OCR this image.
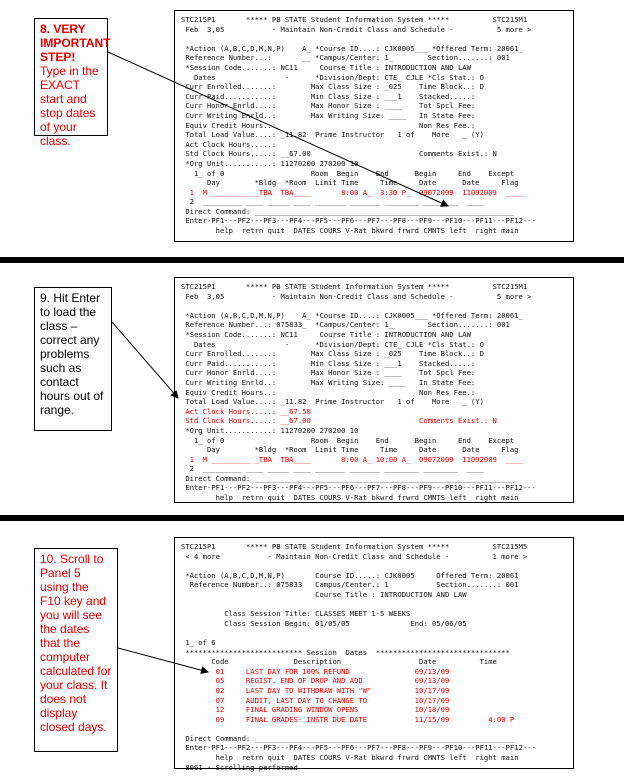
8. VERY IMPORTANT STEP!
Type in the EXACT start and stop dates of your class.
STC215P1       ***** PB STATE Student Information System *****          STC215M1
Feb  3,05           - Maintain Non-Credit Class and Schedule -          5 more >

*Action (A,B,C,D,M,N,P)    A_ *Course ID....: CJK0005___ *Offered Term: 20061_
Reference Number...:       __ *Campus/Center: 1_        Section.......: 001
*Session Code.......: NC11     Course Title : INTRODUCTION AND LAW
Dates                -      *Division/Dept: CTE_ CJLE *Cls Stat.: O
Curr Enrolled.......:        Max Class Size : _025    Time Block..: D
Curr Paid...........:        Min Class Size : ___1    Stacked.....:
Curr Honor Enrld....:        Max Honor Size : ____    Tot Spcl Fee:
Curr Writing Enrld..:        Max Writing Size: ____   In State Fee:
Equiv Credit Hours..:                                 Non Res Fee.:
Total Load Value....: _11.82  Prime Instructor   1 of    More   _ (Y)
Act Clock Hours.....:
Std Clock Hours.....: __67.00                         Comments Exist.: N
*Org Unit...........: 11270200 270200 10
1_ of 0                    Room  Begin    End      Begin     End    Except
Day        *Bldg  *Room  Limit Time     Time     Date      Date     Flag
1  M _________ _TBA  TBA____       8:00 A_  3:30 P_  09072009  11092009  ____
2  _________ ____ _____ ____ _______ _______ ________ ________  ____
Direct Command: ____________________________________________________________
Enter-PF1---PF2---PF3---PF4---PF5---PF6---PF7---PF8---PF9---PF10---PF11---PF12---
help  retrn quit  DATES COURS V-Rat bkwrd frwrd CMNTS left  right main
9. Hit Enter to load the class – correct any problems such as contact hours out of range.
STC215P1       ***** PB STATE Student Information System *****          STC215M1
Feb  3,05           - Maintain Non-Credit Class and Schedule -          5 more >

*Action (A,B,C,D,M,N,P)    A_ *Course ID....: CJK0005___ *Offered Term: 20061_
Reference Number...: 075833_  *Campus/Center: 1_        Section.......: 001
*Session Code.......: NC11     Course Title : INTRODUCTION AND LAW
Dates                -      *Division/Dept: CTE_ CJLE *Cls Stat.: O
Curr Enrolled.......:        Max Class Size : _025    Time Block..: D
Curr Paid...........:        Min Class Size : ___1    Stacked.....:
Curr Honor Enrld....:        Max Honor Size : ____    Tot Spcl Fee:
Curr Writing Enrld..:        Max Writing Size: ____   In State Fee:
Equiv Credit Hours..:                                 Non Res Fee.:
Total Load Value....: _11.82  Prime Instructor   1 of    More   _ (Y)
Act Clock Hours.....: __67.50
Std Clock Hours.....: __67.00                         Comments Exist.: N
*Org Unit...........: 11270200 270200 10
1_ of 0                    Room  Begin    End      Begin     End    Except
Day        *Bldg  *Room  Limit Time     Time     Date      Date     Flag
1  M _________ _TBA  TBA____       8:00 A_ 10:00 A_  09072009  11092009  ____
2  _________ ____ _____ ____ _______ _______ ________ ________  ____
Direct Command: ____________________________________________________________
Enter-PF1---PF2---PF3---PF4---PF5---PF6---PF7---PF8---PF9---PF10---PF11---PF12---
help  retrn quit  DATES COURS V-Rat bkwrd frwrd CMNTS left  right main
10. Scroll to Panel 5 using the F10 key and you will see the dates that the computer calculated for your class. It does not display closed days.
STC215P1       ***** PB STATE Student Information System *****          STC215M5
< 4 more           - Maintain Non-Credit Class and Schedule -          1 more >

*Action (A,B,C,D,M,N,P)       Course ID.....: CJK0005     Offered Term: 20061
Reference Number..: 075833   Campus/Center.: 1           Section.......: 001
Course Title : INTRODUCTION AND LAW

Class Session Title: CLASSES MEET 1-5 WEEKS
Class Session Begin: 01/05/05              End: 05/06/05

1_ of 6
*************************** Session  Dates  *******************************
Code               Description                  Date          Time
01     LAST DAY FOR 100% REFUND               09/13/09
05     REGIST. END OF DROP AND ADD            09/13/09
02     LAST DAY TO WITHDRAW WITH "W"          10/17/09
07     AUDIT, LAST DAY TO CHANGE TO           10/17/09
12     FINAL GRADING WINDOW OPENS             10/18/09
09     FINAL GRADES- INSTR DUE DATE           11/15/09         4:00 P

Direct Command: ____________________________________________________________
Enter-PF1---PF2---PF3---PF4---PF5---PF6---PF7---PF8---PF9---PF10---PF11---PF12---
help  retrn quit  DATES COURS V-Rat bkwrd frwrd CMNTS left  right main
8061 - Scrolling performed
